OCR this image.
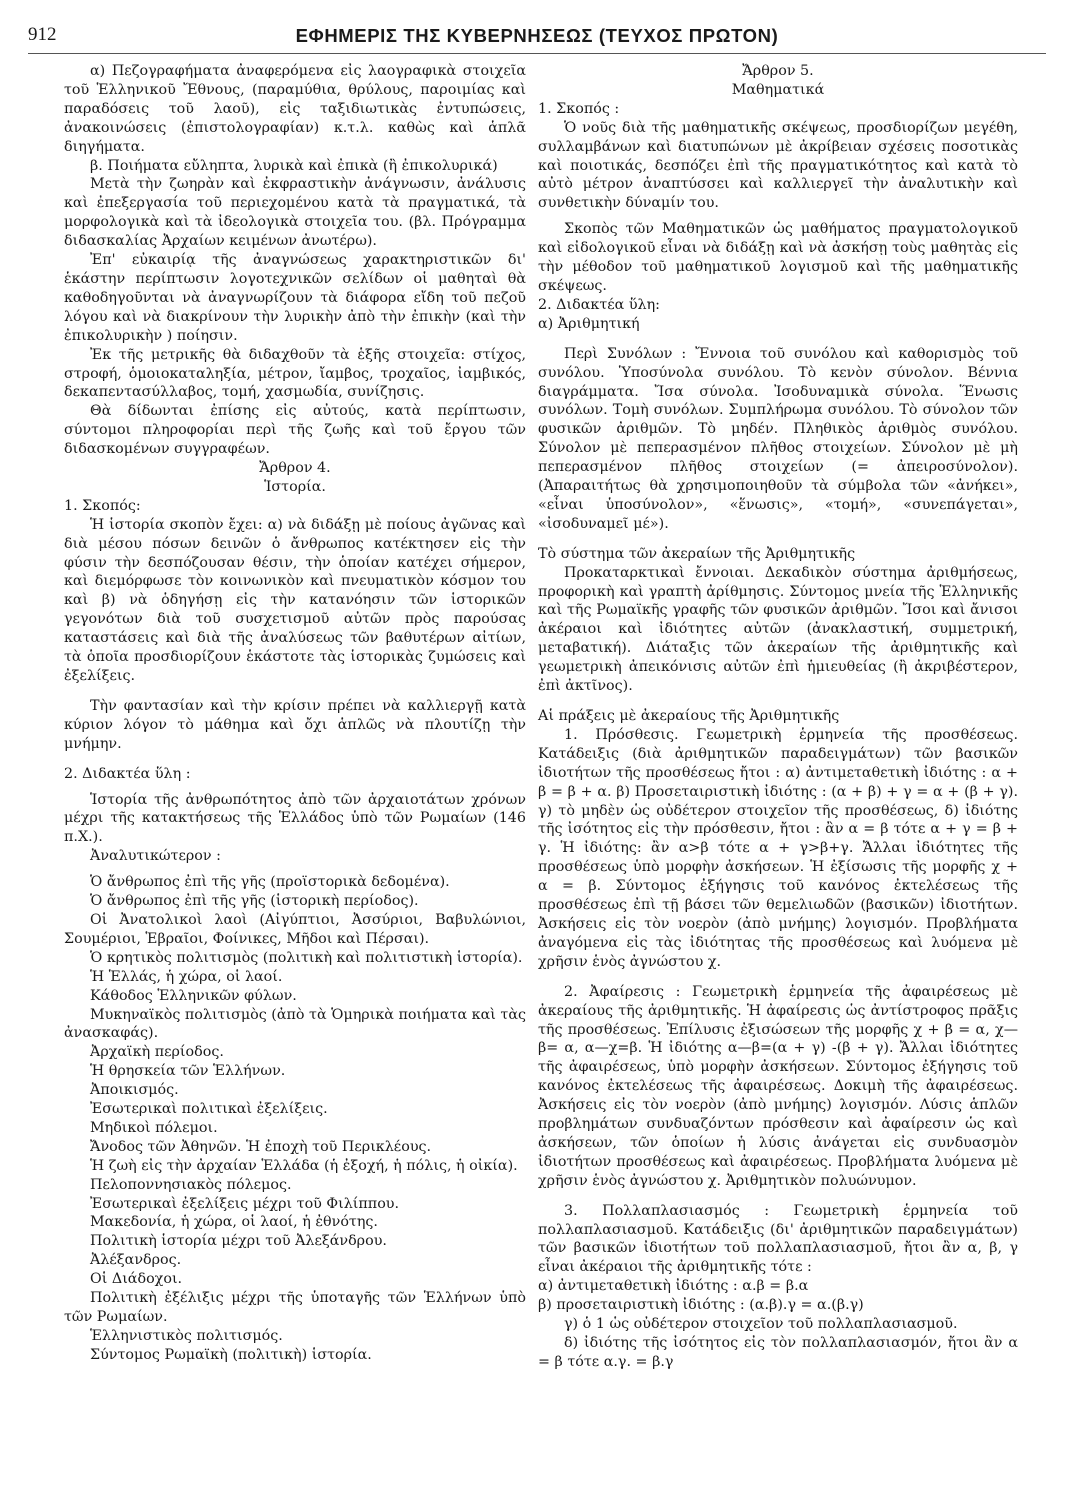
912	ΕΦΗΜΕΡΙΣ ΤΗΣ ΚΥΒΕΡΝΗΣΕΩΣ (ΤΕΥΧΟΣ ΠΡΩΤΟΝ)

α) Πεζογραφήματα ἀναφερόμενα εἰς λαογραφικὰ στοιχεῖα τοῦ Ἑλληνικοῦ Ἔθνους, (παραμύθια, θρύλους, παροιμίας καὶ παραδόσεις τοῦ λαοῦ), εἰς ταξιδιωτικὰς ἐντυπώσεις, ἀνακοινώσεις (ἐπιστολογραφίαν) κ.τ.λ. καθὼς καὶ ἁπλᾶ διηγήματα.

β. Ποιήματα εὔληπτα, λυρικὰ καὶ ἐπικὰ (ἢ ἐπικολυρικά)

Μετὰ τὴν ζωηρὰν καὶ ἐκφραστικὴν ἀνάγνωσιν, ἀνάλυσις καὶ ἐπεξεργασία τοῦ περιεχομένου κατὰ τὰ πραγματικά, τὰ μορφολογικὰ καὶ τὰ ἰδεολογικὰ στοιχεῖα του. (βλ. Πρόγραμμα διδασκαλίας Ἀρχαίων κειμένων ἀνωτέρω).

Ἐπ' εὐκαιρίᾳ τῆς ἀναγνώσεως χαρακτηριστικῶν δι' ἑκάστην περίπτωσιν λογοτεχνικῶν σελίδων οἱ μαθηταὶ θὰ καθοδηγοῦνται νὰ ἀναγνωρίζουν τὰ διάφορα εἴδη τοῦ πεζοῦ λόγου καὶ νὰ διακρίνουν τὴν λυρικὴν ἀπὸ τὴν ἐπικὴν (καὶ τὴν ἐπικολυρικὴν ) ποίησιν.

Ἐκ τῆς μετρικῆς θὰ διδαχθοῦν τὰ ἑξῆς στοιχεῖα: στίχος, στροφή, ὁμοιοκαταληξία, μέτρον, ἴαμβος, τροχαῖος, ἰαμβικός, δεκαπεντασύλλαβος, τομή, χασμωδία, συνίζησις.

Θὰ δίδωνται ἐπίσης εἰς αὐτούς, κατὰ περίπτωσιν, σύντομοι πληροφορίαι περὶ τῆς ζωῆς καὶ τοῦ ἔργου τῶν διδασκομένων συγγραφέων.

Ἄρθρον 4.

Ἱστορία.

1. Σκοπός:

Ἡ ἱστορία σκοπὸν ἔχει: α) νὰ διδάξῃ μὲ ποίους ἀγῶνας καὶ διὰ μέσου πόσων δεινῶν ὁ ἄνθρωπος κατέκτησεν εἰς τὴν φύσιν τὴν δεσπόζουσαν θέσιν, τὴν ὁποίαν κατέχει σήμερον, καὶ διεμόρφωσε τὸν κοινωνικὸν καὶ πνευματικὸν κόσμον του καὶ β) νὰ ὁδηγήσῃ εἰς τὴν κατανόησιν τῶν ἱστορικῶν γεγονότων διὰ τοῦ συσχετισμοῦ αὐτῶν πρὸς παρούσας καταστάσεις καὶ διὰ τῆς ἀναλύσεως τῶν βαθυτέρων αἰτίων, τὰ ὁποῖα προσδιορίζουν ἑκάστοτε τὰς ἱστορικὰς ζυμώσεις καὶ ἐξελίξεις.

Τὴν φαντασίαν καὶ τὴν κρίσιν πρέπει νὰ καλλιεργῇ κατὰ κύριον λόγον τὸ μάθημα καὶ ὄχι ἁπλῶς νὰ πλουτίζῃ τὴν μνήμην.

2. Διδακτέα ὕλη :

Ἱστορία τῆς ἀνθρωπότητος ἀπὸ τῶν ἀρχαιοτάτων χρόνων μέχρι τῆς κατακτήσεως τῆς Ἑλλάδος ὑπὸ τῶν Ρωμαίων (146 π.Χ.).

Ἀναλυτικώτερον :

Ὁ ἄνθρωπος ἐπὶ τῆς γῆς (προϊστορικὰ δεδομένα).

Ὁ ἄνθρωπος ἐπὶ τῆς γῆς (ἱστορικὴ περίοδος).

Οἱ Ἀνατολικοὶ λαοὶ (Αἰγύπτιοι, Ἀσσύριοι, Βαβυλώνιοι, Σουμέριοι, Ἑβραῖοι, Φοίνικες, Μῆδοι καὶ Πέρσαι).

Ὁ κρητικὸς πολιτισμὸς (πολιτικὴ καὶ πολιτιστικὴ ἱστορία).

Ἡ Ἑλλάς, ἡ χώρα, οἱ λαοί.

Κάθοδος Ἑλληνικῶν φύλων.

Μυκηναϊκὸς πολιτισμὸς (ἀπὸ τὰ Ὁμηρικὰ ποιήματα καὶ τὰς ἀνασκαφάς).

Ἀρχαϊκὴ περίοδος.

Ἡ θρησκεία τῶν Ἑλλήνων.

Ἀποικισμός.

Ἐσωτερικαὶ πολιτικαὶ ἐξελίξεις.

Μηδικοὶ πόλεμοι.

Ἄνοδος τῶν Ἀθηνῶν. Ἡ ἐποχὴ τοῦ Περικλέους.

Ἡ ζωὴ εἰς τὴν ἀρχαίαν Ἑλλάδα (ἡ ἐξοχή, ἡ πόλις, ἡ οἰκία).

Πελοποννησιακὸς πόλεμος.

Ἐσωτερικαὶ ἐξελίξεις μέχρι τοῦ Φιλίππου.

Μακεδονία, ἡ χώρα, οἱ λαοί, ἡ ἐθνότης.

Πολιτικὴ ἱστορία μέχρι τοῦ Ἀλεξάνδρου.

Ἀλέξανδρος.

Οἱ Διάδοχοι.

Πολιτικὴ ἐξέλιξις μέχρι τῆς ὑποταγῆς τῶν Ἑλλήνων ὑπὸ τῶν Ρωμαίων.

Ἑλληνιστικὸς πολιτισμός.

Σύντομος Ρωμαϊκὴ (πολιτικὴ) ἱστορία.

Ἄρθρον 5.

Μαθηματικά

1. Σκοπός :

Ὁ νοῦς διὰ τῆς μαθηματικῆς σκέψεως, προσδιορίζων μεγέθη, συλλαμβάνων καὶ διατυπώνων μὲ ἀκρίβειαν σχέσεις ποσοτικὰς καὶ ποιοτικάς, δεσπόζει ἐπὶ τῆς πραγματικότητος καὶ κατὰ τὸ αὐτὸ μέτρον ἀναπτύσσει καὶ καλλιεργεῖ τὴν ἀναλυτικὴν καὶ συνθετικὴν δύναμίν του.

Σκοπὸς τῶν Μαθηματικῶν ὡς μαθήματος πραγματολογικοῦ καὶ εἰδολογικοῦ εἶναι νὰ διδάξῃ καὶ νὰ ἀσκήσῃ τοὺς μαθητὰς εἰς τὴν μέθοδον τοῦ μαθηματικοῦ λογισμοῦ καὶ τῆς μαθηματικῆς σκέψεως.

2. Διδακτέα ὕλη:

α) Ἀριθμητική

Περὶ Συνόλων : Ἔννοια τοῦ συνόλου καὶ καθορισμὸς τοῦ συνόλου. Ὑποσύνολα συνόλου. Τὸ κενὸν σύνολον. Βέννια διαγράμματα. Ἴσα σύνολα. Ἰσοδυναμικὰ σύνολα. Ἕνωσις συνόλων. Τομὴ συνόλων. Συμπλήρωμα συνόλου. Τὸ σύνολον τῶν φυσικῶν ἀριθμῶν. Τὸ μηδέν. Πληθικὸς ἀριθμὸς συνόλου. Σύνολον μὲ πεπερασμένον πλῆθος στοιχείων. Σύνολον μὲ μὴ πεπερασμένον πλῆθος στοιχείων (= ἀπειροσύνολον). (Ἀπαραιτήτως θὰ χρησιμοποιηθοῦν τὰ σύμβολα τῶν «ἀνήκει», «εἶναι ὑποσύνολον», «ἕνωσις», «τομή», «συνεπάγεται», «ἰσοδυναμεῖ μέ»).

Τὸ σύστημα τῶν ἀκεραίων τῆς Ἀριθμητικῆς

Προκαταρκτικαὶ ἔννοιαι. Δεκαδικὸν σύστημα ἀριθμήσεως, προφορικὴ καὶ γραπτὴ ἀρίθμησις. Σύντομος μνεία τῆς Ἑλληνικῆς καὶ τῆς Ρωμαϊκῆς γραφῆς τῶν φυσικῶν ἀριθμῶν. Ἴσοι καὶ ἄνισοι ἀκέραιοι καὶ ἰδιότητες αὐτῶν (ἀνακλαστική, συμμετρική, μεταβατική). Διάταξις τῶν ἀκεραίων τῆς ἀριθμητικῆς καὶ γεωμετρικὴ ἀπεικόνισις αὐτῶν ἐπὶ ἡμιευθείας (ἢ ἀκριβέστερον, ἐπὶ ἀκτῖνος).

Αἱ πράξεις μὲ ἀκεραίους τῆς Ἀριθμητικῆς

1. Πρόσθεσις. Γεωμετρικὴ ἑρμηνεία τῆς προσθέσεως. Κατάδειξις (διὰ ἀριθμητικῶν παραδειγμάτων) τῶν βασικῶν ἰδιοτήτων τῆς προσθέσεως ἤτοι : α) ἀντιμεταθετικὴ ἰδιότης : α + β = β + α. β) Προσεταιριστικὴ ἰδιότης : (α + β) + γ = α + (β + γ). γ) τὸ μηδὲν ὡς οὐδέτερον στοιχεῖον τῆς προσθέσεως, δ) ἰδιότης τῆς ἰσότητος εἰς τὴν πρόσθεσιν, ἤτοι : ἂν α = β τότε α + γ = β + γ. Ἡ ἰδιότης: ἂν α>β τότε α + γ>β+γ. Ἄλλαι ἰδιότητες τῆς προσθέσεως ὑπὸ μορφὴν ἀσκήσεων. Ἡ ἐξίσωσις τῆς μορφῆς χ + α = β. Σύντομος ἐξήγησις τοῦ κανόνος ἐκτελέσεως τῆς προσθέσεως ἐπὶ τῇ βάσει τῶν θεμελιωδῶν (βασικῶν) ἰδιοτήτων. Ἀσκήσεις εἰς τὸν νοερὸν (ἀπὸ μνήμης) λογισμόν. Προβλήματα ἀναγόμενα εἰς τὰς ἰδιότητας τῆς προσθέσεως καὶ λυόμενα μὲ χρῆσιν ἑνὸς ἀγνώστου χ.

2. Ἀφαίρεσις : Γεωμετρικὴ ἑρμηνεία τῆς ἀφαιρέσεως μὲ ἀκεραίους τῆς ἀριθμητικῆς. Ἡ ἀφαίρεσις ὡς ἀντίστροφος πρᾶξις τῆς προσθέσεως. Ἐπίλυσις ἐξισώσεων τῆς μορφῆς χ + β = α, χ—β= α, α—χ=β. Ἡ ἰδιότης α—β=(α + γ) -(β + γ). Ἄλλαι ἰδιότητες τῆς ἀφαιρέσεως, ὑπὸ μορφὴν ἀσκήσεων. Σύντομος ἐξήγησις τοῦ κανόνος ἐκτελέσεως τῆς ἀφαιρέσεως. Δοκιμὴ τῆς ἀφαιρέσεως. Ἀσκήσεις εἰς τὸν νοερὸν (ἀπὸ μνήμης) λογισμόν. Λύσις ἁπλῶν προβλημάτων συνδυαζόντων πρόσθεσιν καὶ ἀφαίρεσιν ὡς καὶ ἀσκήσεων, τῶν ὁποίων ἡ λύσις ἀνάγεται εἰς συνδυασμὸν ἰδιοτήτων προσθέσεως καὶ ἀφαιρέσεως. Προβλήματα λυόμενα μὲ χρῆσιν ἑνὸς ἀγνώστου χ. Ἀριθμητικὸν πολυώνυμον.

3. Πολλαπλασιασμός : Γεωμετρικὴ ἑρμηνεία τοῦ πολλαπλασιασμοῦ. Κατάδειξις (δι' ἀριθμητικῶν παραδειγμάτων) τῶν βασικῶν ἰδιοτήτων τοῦ πολλαπλασιασμοῦ, ἤτοι ἂν α, β, γ εἶναι ἀκέραιοι τῆς ἀριθμητικῆς τότε :

α) ἀντιμεταθετικὴ ἰδιότης : α.β = β.α

β) προσεταιριστικὴ ἰδιότης : (α.β).γ = α.(β.γ)

γ) ὁ 1 ὡς οὐδέτερον στοιχεῖον τοῦ πολλαπλασιασμοῦ.

δ) ἰδιότης τῆς ἰσότητος εἰς τὸν πολλαπλασιασμόν, ἤτοι ἂν α = β τότε α.γ. = β.γ
